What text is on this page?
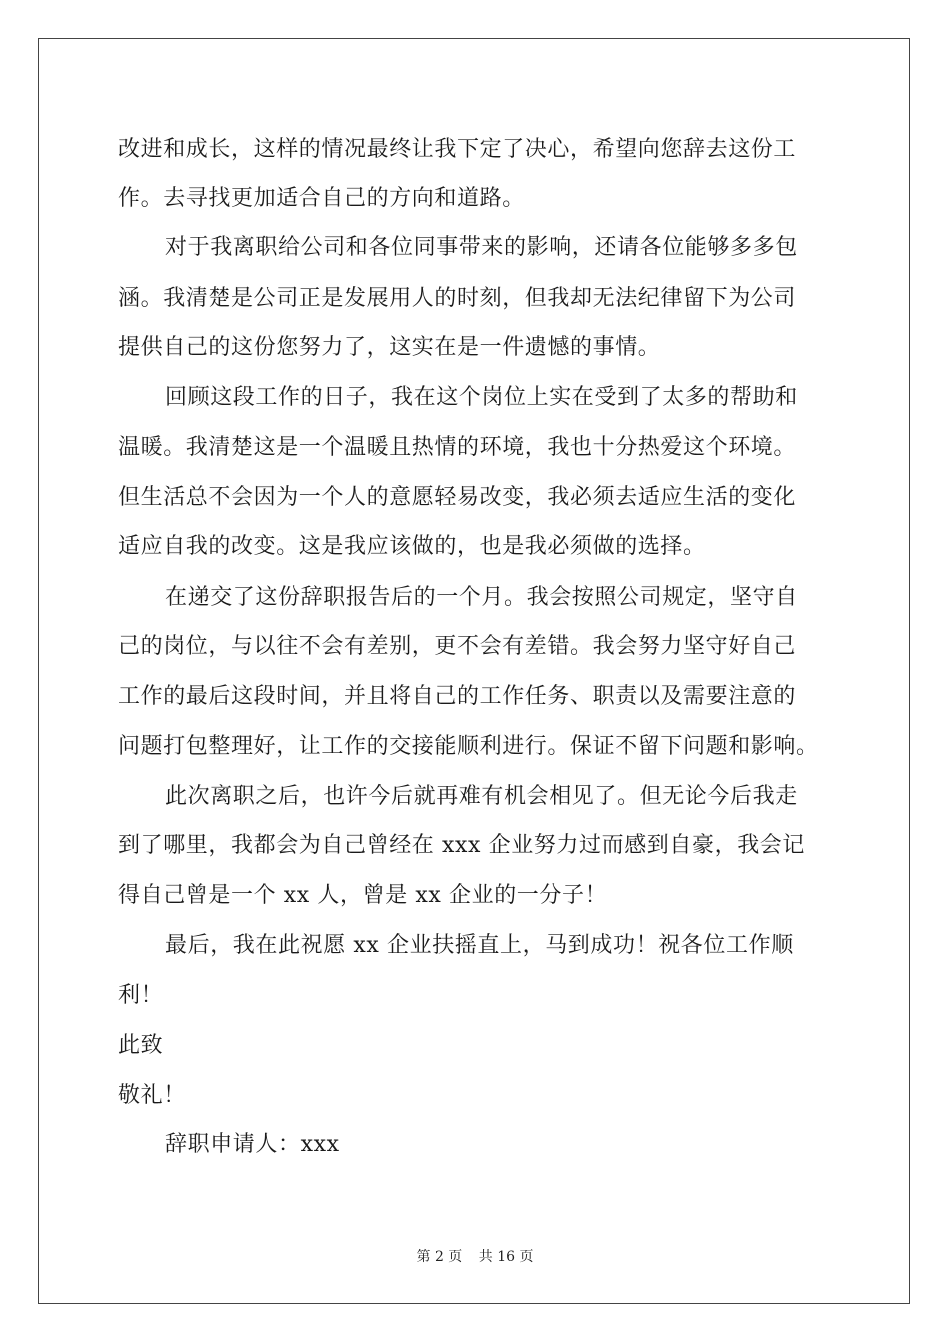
改进和成长，这样的情况最终让我下定了决心，希望向您辞去这份工
作。去寻找更加适合自己的方向和道路。
对于我离职给公司和各位同事带来的影响，还请各位能够多多包
涵。我清楚是公司正是发展用人的时刻，但我却无法纪律留下为公司
提供自己的这份您努力了，这实在是一件遗憾的事情。
回顾这段工作的日子，我在这个岗位上实在受到了太多的帮助和
温暖。我清楚这是一个温暖且热情的环境，我也十分热爱这个环境。
但生活总不会因为一个人的意愿轻易改变，我必须去适应生活的变化
适应自我的改变。这是我应该做的，也是我必须做的选择。
在递交了这份辞职报告后的一个月。我会按照公司规定，坚守自
己的岗位，与以往不会有差别，更不会有差错。我会努力坚守好自己
工作的最后这段时间，并且将自己的工作任务、职责以及需要注意的
问题打包整理好，让工作的交接能顺利进行。保证不留下问题和影响。
此次离职之后，也许今后就再难有机会相见了。但无论今后我走
到了哪里，我都会为自己曾经在 xxx 企业努力过而感到自豪，我会记
得自己曾是一个 xx 人，曾是 xx 企业的一分子！
最后，我在此祝愿 xx 企业扶摇直上，马到成功！祝各位工作顺
利！
此致
敬礼！
辞职申请人：xxx
第 2 页 共 16 页
